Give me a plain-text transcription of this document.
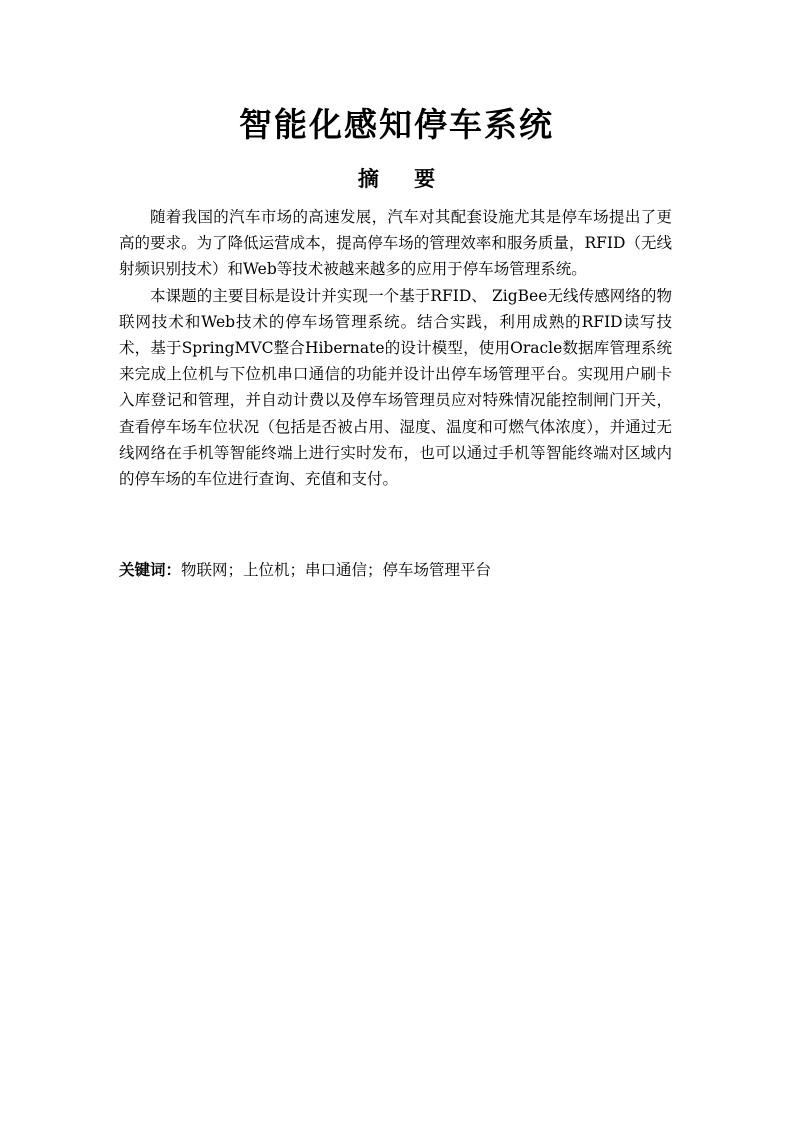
智能化感知停车系统
摘 要

随着我国的汽车市场的高速发展，汽车对其配套设施尤其是停车场提出了更高的要求。为了降低运营成本，提高停车场的管理效率和服务质量，RFID（无线射频识别技术）和Web等技术被越来越多的应用于停车场管理系统。

本课题的主要目标是设计并实现一个基于RFID、 ZigBee无线传感网络的物联网技术和Web技术的停车场管理系统。结合实践，利用成熟的RFID读写技术，基于SpringMVC整合Hibernate的设计模型，使用Oracle数据库管理系统来完成上位机与下位机串口通信的功能并设计出停车场管理平台。实现用户刷卡入库登记和管理，并自动计费以及停车场管理员应对特殊情况能控制闸门开关，查看停车场车位状况（包括是否被占用、湿度、温度和可燃气体浓度），并通过无线网络在手机等智能终端上进行实时发布，也可以通过手机等智能终端对区域内的停车场的车位进行查询、充值和支付。

关键词：物联网；上位机；串口通信；停车场管理平台
